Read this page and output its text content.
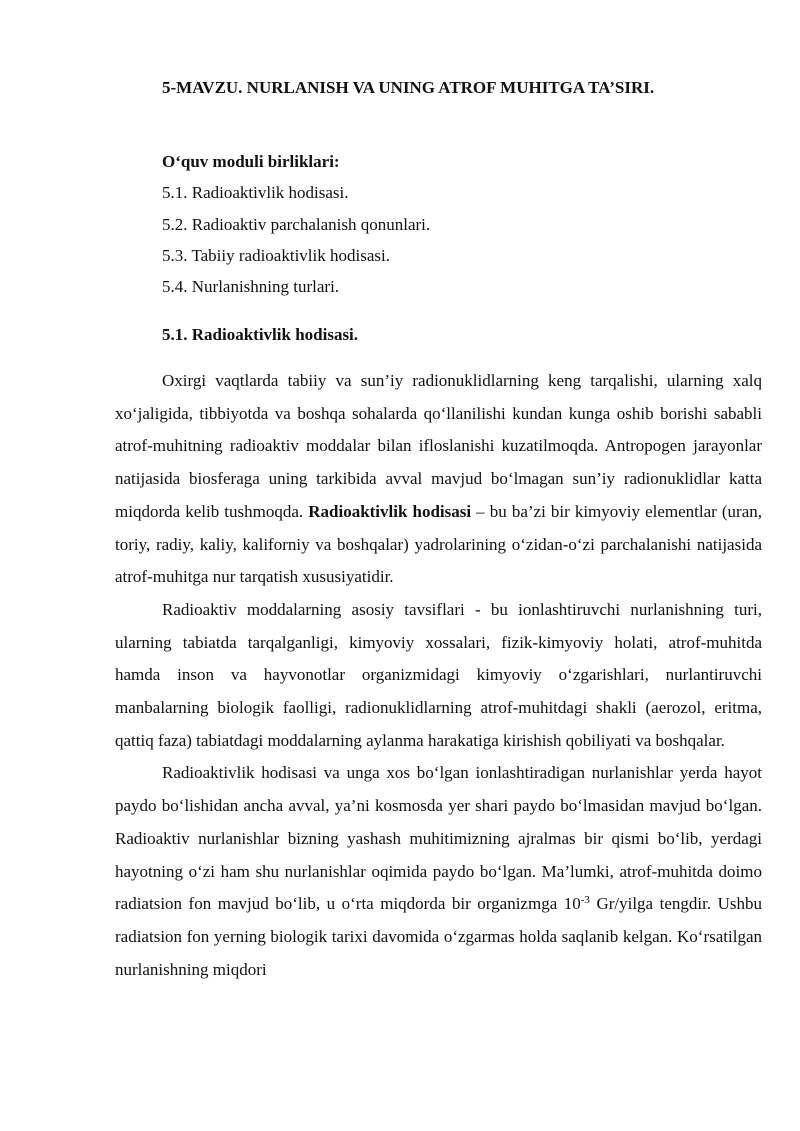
5-MAVZU. NURLANISH VA UNING ATROF MUHITGA TA’SIRI.
O‘quv moduli birliklari:
5.1. Radioaktivlik hodisasi.
5.2. Radioaktiv parchalanish qonunlari.
5.3. Tabiiy radioaktivlik hodisasi.
5.4. Nurlanishning turlari.
5.1. Radioaktivlik hodisasi.

Oxirgi vaqtlarda tabiiy va sun’iy radionuklidlarning keng tarqalishi, ularning xalq xo‘jaligida, tibbiyotda va boshqa sohalarda qo‘llanilishi kundan kunga oshib borishi sababli atrof-muhitning radioaktiv moddalar bilan ifloslanishi kuzatilmoqda. Antropogen jarayonlar natijasida biosferaga uning tarkibida avval mavjud bo‘lmagan sun’iy radionuklidlar katta miqdorda kelib tushmoqda. Radioaktivlik hodisasi – bu ba’zi bir kimyoviy elementlar (uran, toriy, radiy, kaliy, kaliforniy va boshqalar) yadrolarining o‘zidan-o‘zi parchalanishi natijasida atrof-muhitga nur tarqatish xususiyatidir.

Radioaktiv moddalarning asosiy tavsiflari - bu ionlashtiruvchi nurlanishning turi, ularning tabiatda tarqalganligi, kimyoviy xossalari, fizik-kimyoviy holati, atrof-muhitda hamda inson va hayvonotlar organizmidagi kimyoviy o‘zgarishlari, nurlantiruvchi manbalarning biologik faolligi, radionuklidlarning atrof-muhitdagi shakli (aerozol, eritma, qattiq faza) tabiatdagi moddalarning aylanma harakatiga kirishish qobiliyati va boshqalar.

Radioaktivlik hodisasi va unga xos bo‘lgan ionlashtiradigan nurlanishlar yerda hayot paydo bo‘lishidan ancha avval, ya’ni kosmosda yer shari paydo bo‘lmasidan mavjud bo‘lgan. Radioaktiv nurlanishlar bizning yashash muhitimizning ajralmas bir qismi bo‘lib, yerdagi hayotning o‘zi ham shu nurlanishlar oqimida paydo bo‘lgan. Ma’lumki, atrof-muhitda doimo radiatsion fon mavjud bo‘lib, u o‘rta miqdorda bir organizmga $10^{-3}$ Gr/yilga tengdir. Ushbu radiatsion fon yerning biologik tarixi davomida o‘zgarmas holda saqlanib kelgan. Ko‘rsatilgan nurlanishning miqdori
